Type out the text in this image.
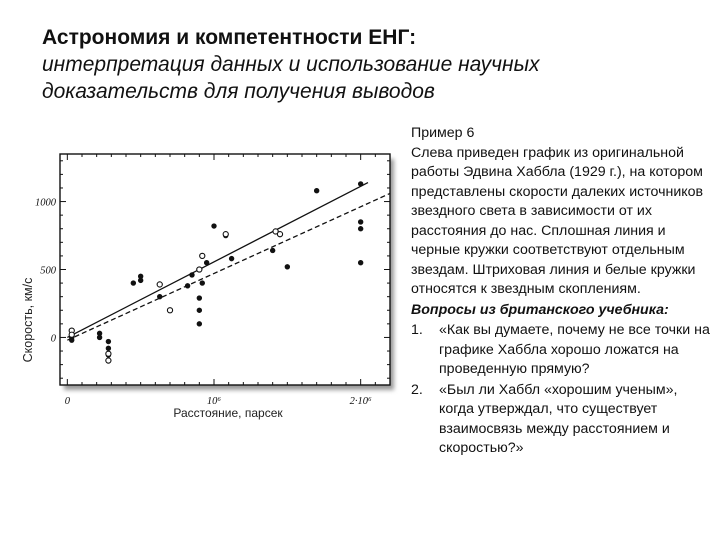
Астрономия и компетентности ЕНГ:
интерпретация данных и использование научных
доказательств для получения выводов
0	10⁶	2·10⁶
0
500
1000
Расстояние, парсек
Скорость, км/с

Пример 6

Слева приведен график из оригинальной работы Эдвина Хаббла (1929 г.), на котором представлены скорости далеких источников звездного света в зависимости от их расстояния до нас. Сплошная линия и черные кружки соответствуют отдельным звездам. Штриховая линия и белые кружки относятся к звездным скоплениям.

Вопросы из британского учебника:

1. «Как вы думаете, почему не все точки на графике Хаббла хорошо ложатся на проведенную прямую?
2. «Был ли Хаббл «хорошим ученым», когда утверждал, что существует взаимосвязь между расстоянием и скоростью?»
